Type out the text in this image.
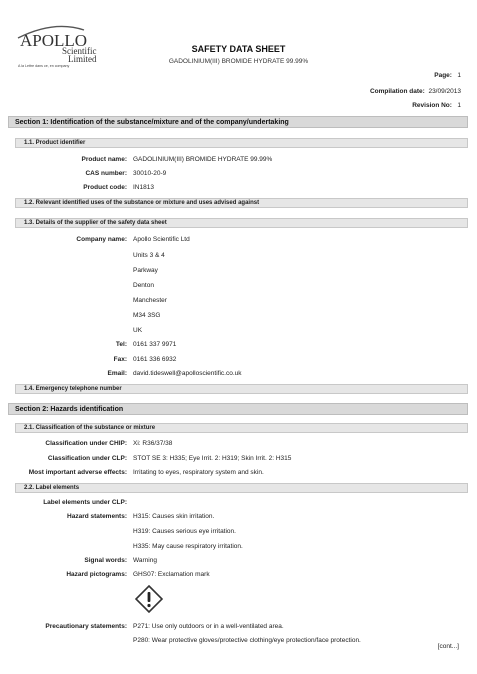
APOLLO
Scientific
Limited
A la Lettre dans ce, en company
SAFETY DATA SHEET
GADOLINIUM(III) BROMIDE HYDRATE 99.99%
Page: 1
Compilation date: 23/09/2013
Revision No: 1
Section 1: Identification of the substance/mixture and of the company/undertaking
1.1. Product identifier
Product name: GADOLINIUM(III) BROMIDE HYDRATE 99.99%
CAS number: 30010-20-9
Product code: IN1813
1.2. Relevant identified uses of the substance or mixture and uses advised against
1.3. Details of the supplier of the safety data sheet
Company name: Apollo Scientific Ltd
Units 3 & 4
Parkway
Denton
Manchester
M34 3SG
UK
Tel: 0161 337 9971
Fax: 0161 336 6932
Email: david.tideswell@apolloscientific.co.uk
1.4. Emergency telephone number
Section 2: Hazards identification
2.1. Classification of the substance or mixture
Classification under CHIP: Xi: R36/37/38
Classification under CLP: STOT SE 3: H335; Eye Irrit. 2: H319; Skin Irrit. 2: H315
Most important adverse effects: Irritating to eyes, respiratory system and skin.
2.2. Label elements
Label elements under CLP:
Hazard statements: H315: Causes skin irritation.
H319: Causes serious eye irritation.
H335: May cause respiratory irritation.
Signal words: Warning
Hazard pictograms: GHS07: Exclamation mark
Precautionary statements: P271: Use only outdoors or in a well-ventilated area.
P280: Wear protective gloves/protective clothing/eye protection/face protection.
[cont...]
